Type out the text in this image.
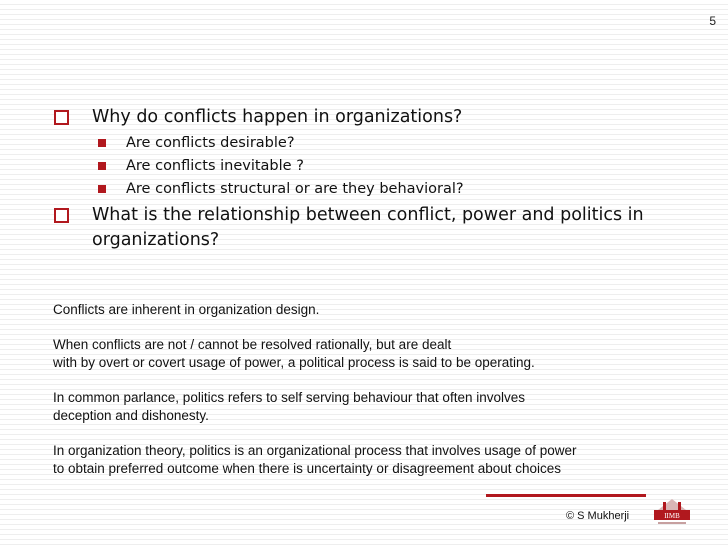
5
Why do conflicts happen in organizations?
Are conflicts desirable?
Are conflicts inevitable ?
Are conflicts structural or are they behavioral?
What is the relationship between conflict, power and politics in
organizations?

Conflicts are inherent in organization design.

When conflicts are not / cannot be resolved rationally, but are dealt
with by overt or covert usage of power, a political process is said to be operating.

In common parlance, politics refers to self serving behaviour that often involves
deception and dishonesty.

In organization theory, politics is an organizational process that involves usage of power
to obtain preferred outcome when there is uncertainty or disagreement about choices

© S Mukherji	IIMB
